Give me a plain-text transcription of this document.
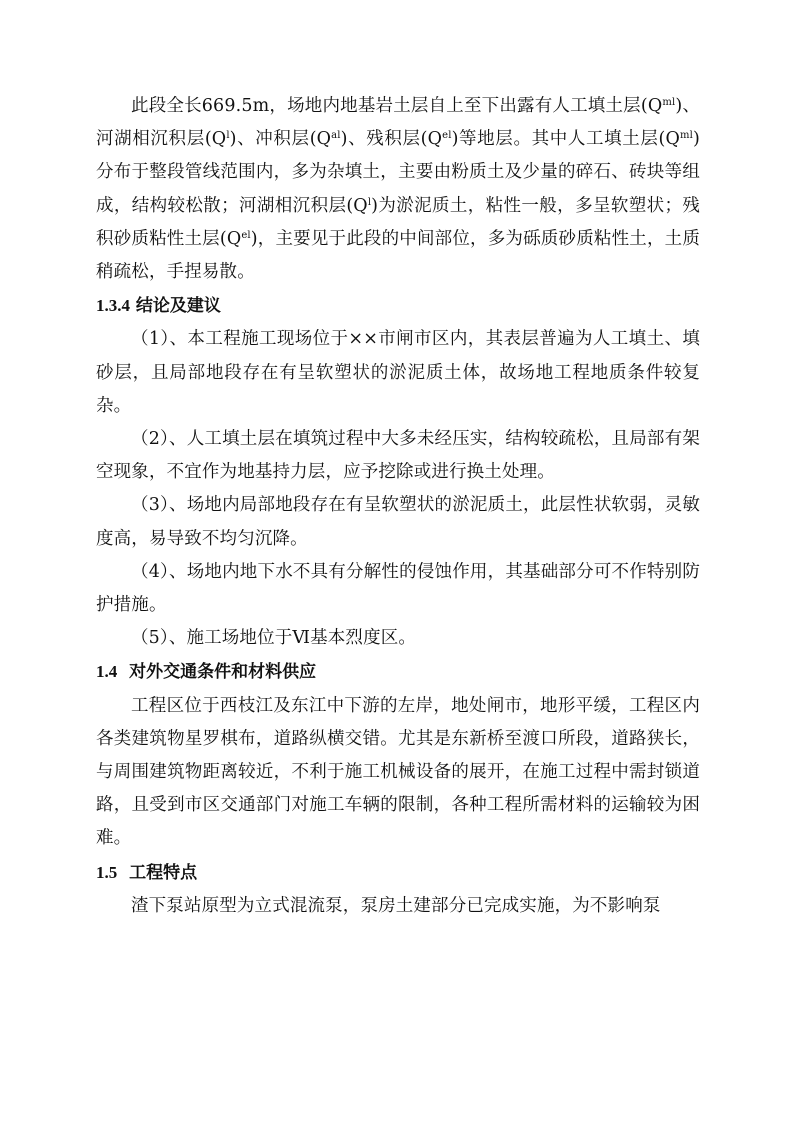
此段全长669.5m，场地内地基岩土层自上至下出露有人工填土层$(Q^{ml})$、河湖相沉积层$(Q^l)$、冲积层$(Q^{al})$、残积层$(Q^{el})$等地层。其中人工填土层$(Q^{ml})$分布于整段管线范围内，多为杂填土，主要由粉质土及少量的碎石、砖块等组成，结构较松散；河湖相沉积层$(Q^l)$为淤泥质土，粘性一般，多呈软塑状；残积砂质粘性土层$(Q^{el})$，主要见于此段的中间部位，多为砾质砂质粘性土，土质稍疏松，手捏易散。

1.3.4 结论及建议

（1）、本工程施工现场位于××市闸市区内，其表层普遍为人工填土、填砂层，且局部地段存在有呈软塑状的淤泥质土体，故场地工程地质条件较复杂。

（2）、人工填土层在填筑过程中大多未经压实，结构较疏松，且局部有架空现象，不宜作为地基持力层，应予挖除或进行换土处理。

（3）、场地内局部地段存在有呈软塑状的淤泥质土，此层性状软弱，灵敏度高，易导致不均匀沉降。

（4）、场地内地下水不具有分解性的侵蚀作用，其基础部分可不作特别防护措施。

（5）、施工场地位于Ⅵ基本烈度区。

1.4 对外交通条件和材料供应

工程区位于西枝江及东江中下游的左岸，地处闸市，地形平缓，工程区内各类建筑物星罗棋布，道路纵横交错。尤其是东新桥至渡口所段，道路狭长，与周围建筑物距离较近，不利于施工机械设备的展开，在施工过程中需封锁道路，且受到市区交通部门对施工车辆的限制，各种工程所需材料的运输较为困难。

1.5 工程特点

渣下泵站原型为立式混流泵，泵房土建部分已完成实施，为不影响泵
